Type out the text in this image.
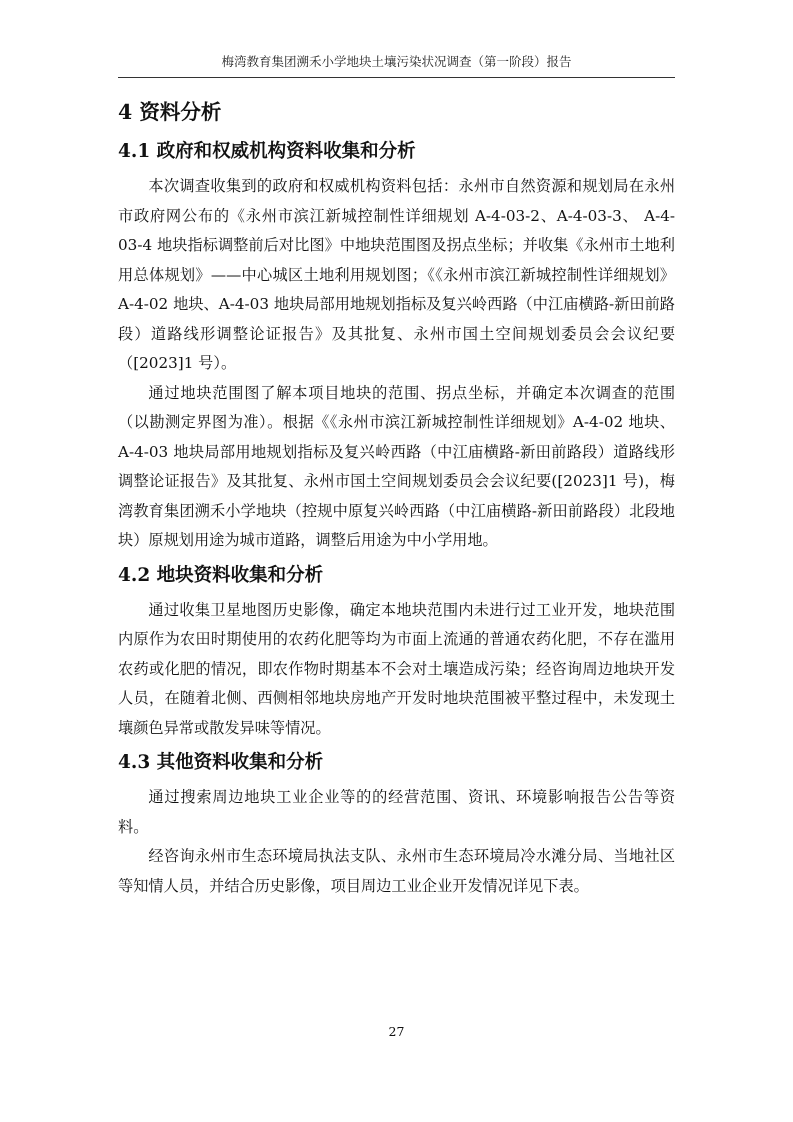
梅湾教育集团溯禾小学地块土壤污染状况调查（第一阶段）报告
4 资料分析
4.1 政府和权威机构资料收集和分析

本次调查收集到的政府和权威机构资料包括：永州市自然资源和规划局在永州市政府网公布的《永州市滨江新城控制性详细规划 A-4-03-2、A-4-03-3、 A-4-03-4 地块指标调整前后对比图》中地块范围图及拐点坐标；并收集《永州市土地利用总体规划》——中心城区土地利用规划图；《《永州市滨江新城控制性详细规划》A-4-02 地块、A-4-03 地块局部用地规划指标及复兴岭西路（中江庙横路-新田前路段）道路线形调整论证报告》及其批复、永州市国土空间规划委员会会议纪要（[2023]1 号）。

通过地块范围图了解本项目地块的范围、拐点坐标，并确定本次调查的范围（以勘测定界图为准）。根据《《永州市滨江新城控制性详细规划》A-4-02 地块、A-4-03 地块局部用地规划指标及复兴岭西路（中江庙横路-新田前路段）道路线形调整论证报告》及其批复、永州市国土空间规划委员会会议纪要([2023]1 号)，梅湾教育集团溯禾小学地块（控规中原复兴岭西路（中江庙横路-新田前路段）北段地块）原规划用途为城市道路，调整后用途为中小学用地。

4.2 地块资料收集和分析

通过收集卫星地图历史影像，确定本地块范围内未进行过工业开发，地块范围内原作为农田时期使用的农药化肥等均为市面上流通的普通农药化肥，不存在滥用农药或化肥的情况，即农作物时期基本不会对土壤造成污染；经咨询周边地块开发人员，在随着北侧、西侧相邻地块房地产开发时地块范围被平整过程中，未发现土壤颜色异常或散发异味等情况。

4.3 其他资料收集和分析

通过搜索周边地块工业企业等的的经营范围、资讯、环境影响报告公告等资料。

经咨询永州市生态环境局执法支队、永州市生态环境局冷水滩分局、当地社区等知情人员，并结合历史影像，项目周边工业企业开发情况详见下表。

27
